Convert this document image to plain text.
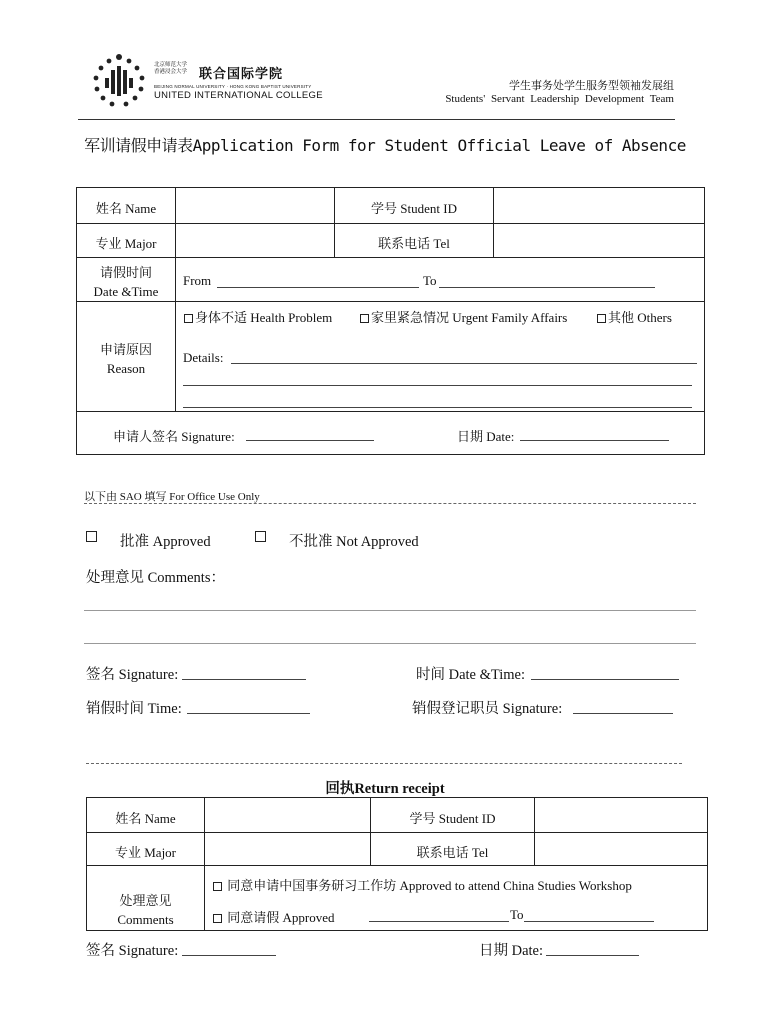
北京师范大学
香港浸会大学 联合国际学院
BEIJING NORMAL UNIVERSITY · HONG KONG BAPTIST UNIVERSITY
UNITED INTERNATIONAL COLLEGE
学生事务处学生服务型领袖发展组
Students' Servant Leadership Development Team
军训请假申请表Application Form for Student Official Leave of Absence
姓名 Name	学号 Student ID
专业 Major	联系电话 Tel
请假时间
Date &Time
From	To
申请原因
Reason
身体不适 Health Problem	家里紧急情况 Urgent Family Affairs	其他 Others
Details:
申请人签名 Signature:	日期 Date:
以下由 SAO 填写 For Office Use Only
批准 Approved	不批准 Not Approved
处理意见 Comments：
签名 Signature:	时间 Date &Time:
销假时间 Time:	销假登记职员 Signature:
回执Return receipt
姓名 Name	学号 Student ID
专业 Major	联系电话 Tel
处理意见
Comments
同意申请中国事务研习工作坊 Approved to attend China Studies Workshop
同意请假 Approved	To
签名 Signature:	日期 Date:
